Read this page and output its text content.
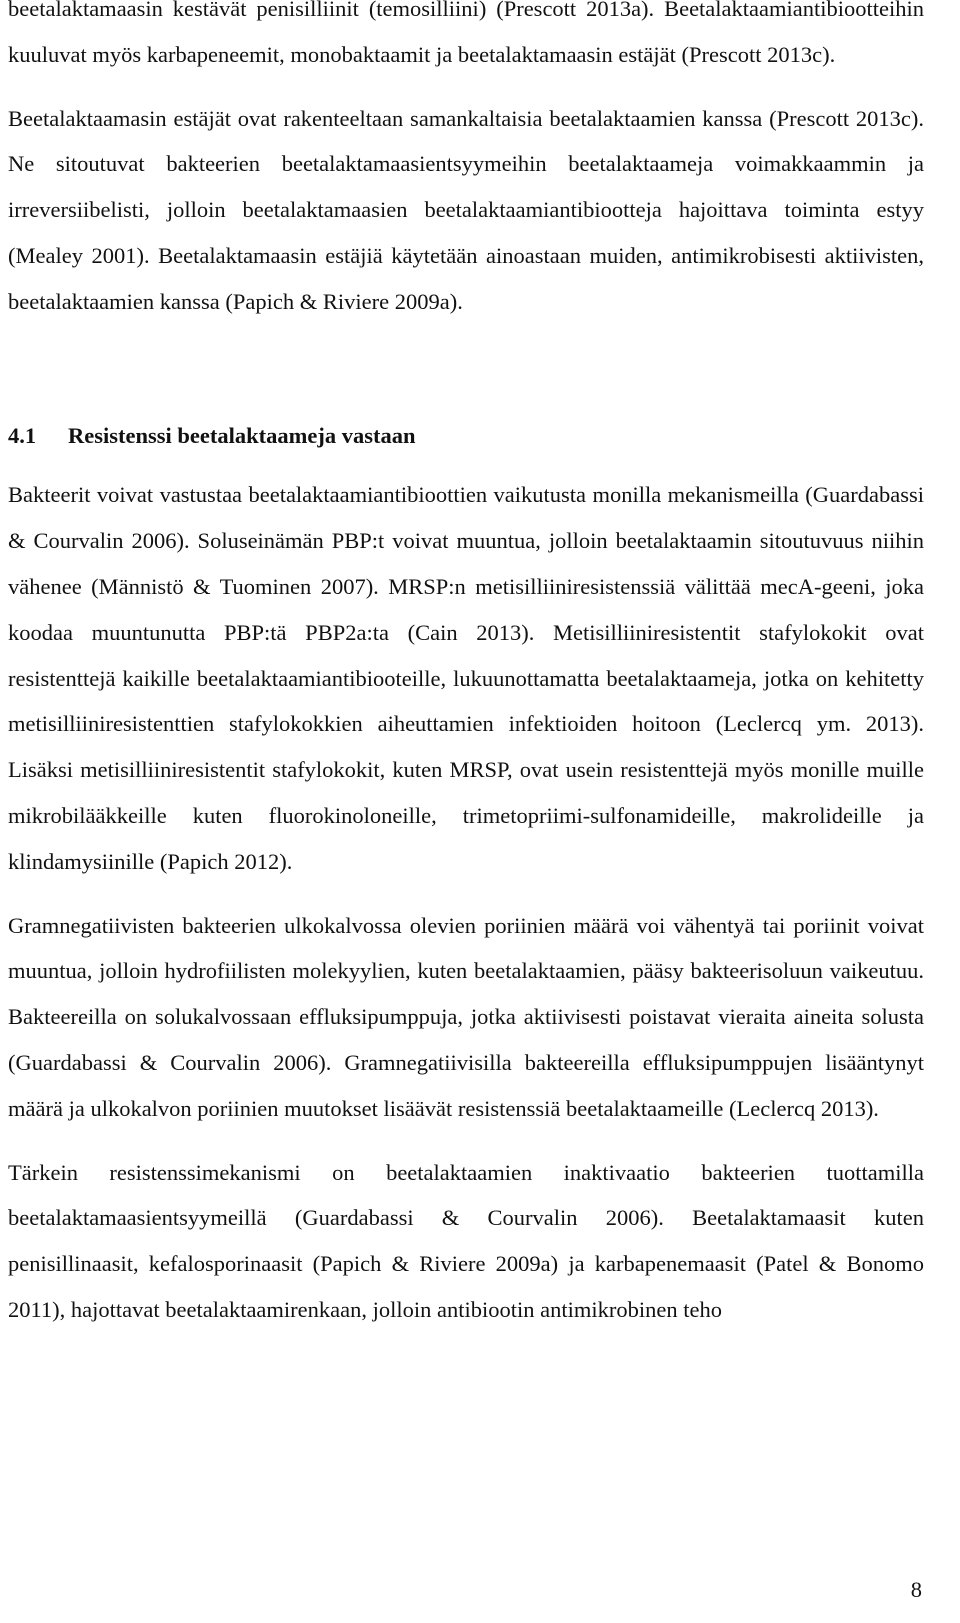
beetalaktamaasin kestävät penisilliinit (temosilliini) (Prescott 2013a). Beetalaktaamiantibiootteihin kuuluvat myös karbapeneemit, monobaktaamit ja beetalaktamaasin estäjät (Prescott 2013c).

Beetalaktaamasin estäjät ovat rakenteeltaan samankaltaisia beetalaktaamien kanssa (Prescott 2013c). Ne sitoutuvat bakteerien beetalaktamaasientsyymeihin beetalaktaameja voimakkaammin ja irreversiibelisti, jolloin beetalaktamaasien beetalaktaamiantibiootteja hajoittava toiminta estyy (Mealey 2001). Beetalaktamaasin estäjiä käytetään ainoastaan muiden, antimikrobisesti aktiivisten, beetalaktaamien kanssa (Papich & Riviere 2009a).

4.1 Resistenssi beetalaktaameja vastaan

Bakteerit voivat vastustaa beetalaktaamiantibioottien vaikutusta monilla mekanismeilla (Guardabassi & Courvalin 2006). Soluseinämän PBP:t voivat muuntua, jolloin beetalaktaamin sitoutuvuus niihin vähenee (Männistö & Tuominen 2007). MRSP:n metisilliiniresistenssiä välittää mecA-geeni, joka koodaa muuntunutta PBP:tä PBP2a:ta (Cain 2013). Metisilliiniresistentit stafylokokit ovat resistenttejä kaikille beetalaktaamiantibiooteille, lukuunottamatta beetalaktaameja, jotka on kehitetty metisilliiniresistenttien stafylokokkien aiheuttamien infektioiden hoitoon (Leclercq ym. 2013). Lisäksi metisilliiniresistentit stafylokokit, kuten MRSP, ovat usein resistenttejä myös monille muille mikrobilääkkeille kuten fluorokinoloneille, trimetopriimi-sulfonamideille, makrolideille ja klindamysiinille (Papich 2012).

Gramnegatiivisten bakteerien ulkokalvossa olevien poriinien määrä voi vähentyä tai poriinit voivat muuntua, jolloin hydrofiilisten molekyylien, kuten beetalaktaamien, pääsy bakteerisoluun vaikeutuu. Bakteereilla on solukalvossaan effluksipumppuja, jotka aktiivisesti poistavat vieraita aineita solusta (Guardabassi & Courvalin 2006). Gramnegatiivisilla bakteereilla effluksipumppujen lisääntynyt määrä ja ulkokalvon poriinien muutokset lisäävät resistenssiä beetalaktaameille (Leclercq 2013).

Tärkein resistenssimekanismi on beetalaktaamien inaktivaatio bakteerien tuottamilla beetalaktamaasientsyymeillä (Guardabassi & Courvalin 2006). Beetalaktamaasit kuten penisillinaasit, kefalosporinaasit (Papich & Riviere 2009a) ja karbapenemaasit (Patel & Bonomo 2011), hajottavat beetalaktaamirenkaan, jolloin antibiootin antimikrobinen teho

8
